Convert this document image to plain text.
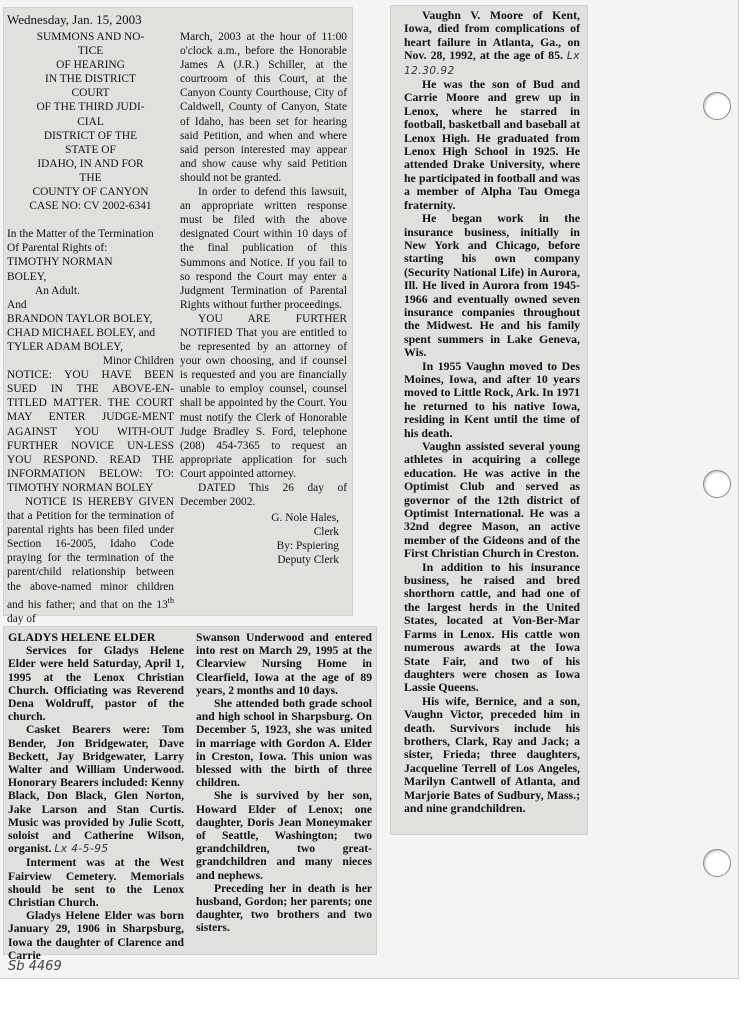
Wednesday, Jan. 15, 2003
SUMMONS AND NO-
TICE
OF HEARING
IN THE DISTRICT
COURT
OF THE THIRD JUDI-
CIAL
DISTRICT OF THE
STATE OF
IDAHO, IN AND FOR
THE
COUNTY OF CANYON
CASE NO: CV 2002-6341
In the Matter of the Termination
Of Parental Rights of:
TIMOTHY NORMAN
BOLEY,
An Adult.
And
BRANDON TAYLOR BOLEY,
CHAD MICHAEL BOLEY, and
TYLER ADAM BOLEY,
Minor Children

NOTICE: YOU HAVE BEEN SUED IN THE ABOVE-EN-TITLED MATTER. THE COURT MAY ENTER JUDGE-MENT AGAINST YOU WITH-OUT FURTHER NOVICE UN-LESS YOU RESPOND. READ THE INFORMATION BELOW: TO: TIMOTHY NORMAN BOLEY

NOTICE IS HEREBY GIVEN that a Petition for the termination of parental rights has been filed under Section 16-2005, Idaho Code praying for the termination of the parent/child relationship between the above-named minor children and his father; and that on the 13th day of

March, 2003 at the hour of 11:00 o'clock a.m., before the Honorable James A (J.R.) Schiller, at the courtroom of this Court, at the Canyon County Courthouse, City of Caldwell, County of Canyon, State of Idaho, has been set for hearing said Petition, and when and where said person interested may appear and show cause why said Petition should not be granted.

In order to defend this lawsuit, an appropriate written response must be filed with the above designated Court within 10 days of the final publication of this Summons and Notice. If you fail to so respond the Court may enter a Judgment Termination of Parental Rights without further proceedings.

YOU ARE FURTHER NOTIFIED That you are entitled to be represented by an attorney of your own choosing, and if counsel is requested and you are financially unable to employ counsel, counsel shall be appointed by the Court. You must notify the Clerk of Honorable Judge Bradley S. Ford, telephone (208) 454-7365 to request an appropriate application for such Court appointed attorney.

DATED This 26 day of December 2002.

G. Nole Hales,
Clerk
By: Pspiering
Deputy Clerk
GLADYS HELENE ELDER

Services for Gladys Helene Elder were held Saturday, April 1, 1995 at the Lenox Christian Church. Officiating was Reverend Dena Woldruff, pastor of the church.

Casket Bearers were: Tom Bender, Jon Bridgewater, Dave Beckett, Jay Bridgewater, Larry Walter and William Underwood. Honorary Bearers included: Kenny Black, Don Black, Glen Norton, Jake Larson and Stan Curtis. Music was provided by Julie Scott, soloist and Catherine Wilson, organist. Lx 4-5-95

Interment was at the West Fairview Cemetery. Memorials should be sent to the Lenox Christian Church.

Gladys Helene Elder was born January 29, 1906 in Sharpsburg, Iowa the daughter of Clarence and Carrie

Swanson Underwood and entered into rest on March 29, 1995 at the Clearview Nursing Home in Clearfield, Iowa at the age of 89 years, 2 months and 10 days.

She attended both grade school and high school in Sharpsburg. On December 5, 1923, she was united in marriage with Gordon A. Elder in Creston, Iowa. This union was blessed with the birth of three children.

She is survived by her son, Howard Elder of Lenox; one daughter, Doris Jean Moneymaker of Seattle, Washington; two grandchildren, two great-grandchildren and many nieces and nephews.

Preceding her in death is her husband, Gordon; her parents; one daughter, two brothers and two sisters.

Vaughn V. Moore of Kent, Iowa, died from complications of heart failure in Atlanta, Ga., on Nov. 28, 1992, at the age of 85. Lx 12.30.92

He was the son of Bud and Carrie Moore and grew up in Lenox, where he starred in football, basketball and baseball at Lenox High. He graduated from Lenox High School in 1925. He attended Drake University, where he participated in football and was a member of Alpha Tau Omega fraternity.

He began work in the insurance business, initially in New York and Chicago, before starting his own company (Security National Life) in Aurora, Ill. He lived in Aurora from 1945-1966 and eventually owned seven insurance companies throughout the Midwest. He and his family spent summers in Lake Geneva, Wis.

In 1955 Vaughn moved to Des Moines, Iowa, and after 10 years moved to Little Rock, Ark. In 1971 he returned to his native Iowa, residing in Kent until the time of his death.

Vaughn assisted several young athletes in acquiring a college education. He was active in the Optimist Club and served as governor of the 12th district of Optimist International. He was a 32nd degree Mason, an active member of the Gideons and of the First Christian Church in Creston.

In addition to his insurance business, he raised and bred shorthorn cattle, and had one of the largest herds in the United States, located at Von-Ber-Mar Farms in Lenox. His cattle won numerous awards at the Iowa State Fair, and two of his daughters were chosen as Iowa Lassie Queens.

His wife, Bernice, and a son, Vaughn Victor, preceded him in death. Survivors include his brothers, Clark, Ray and Jack; a sister, Frieda; three daughters, Jacqueline Terrell of Los Angeles, Marilyn Cantwell of Atlanta, and Marjorie Bates of Sudbury, Mass.; and nine grandchildren.

Sb 4469
